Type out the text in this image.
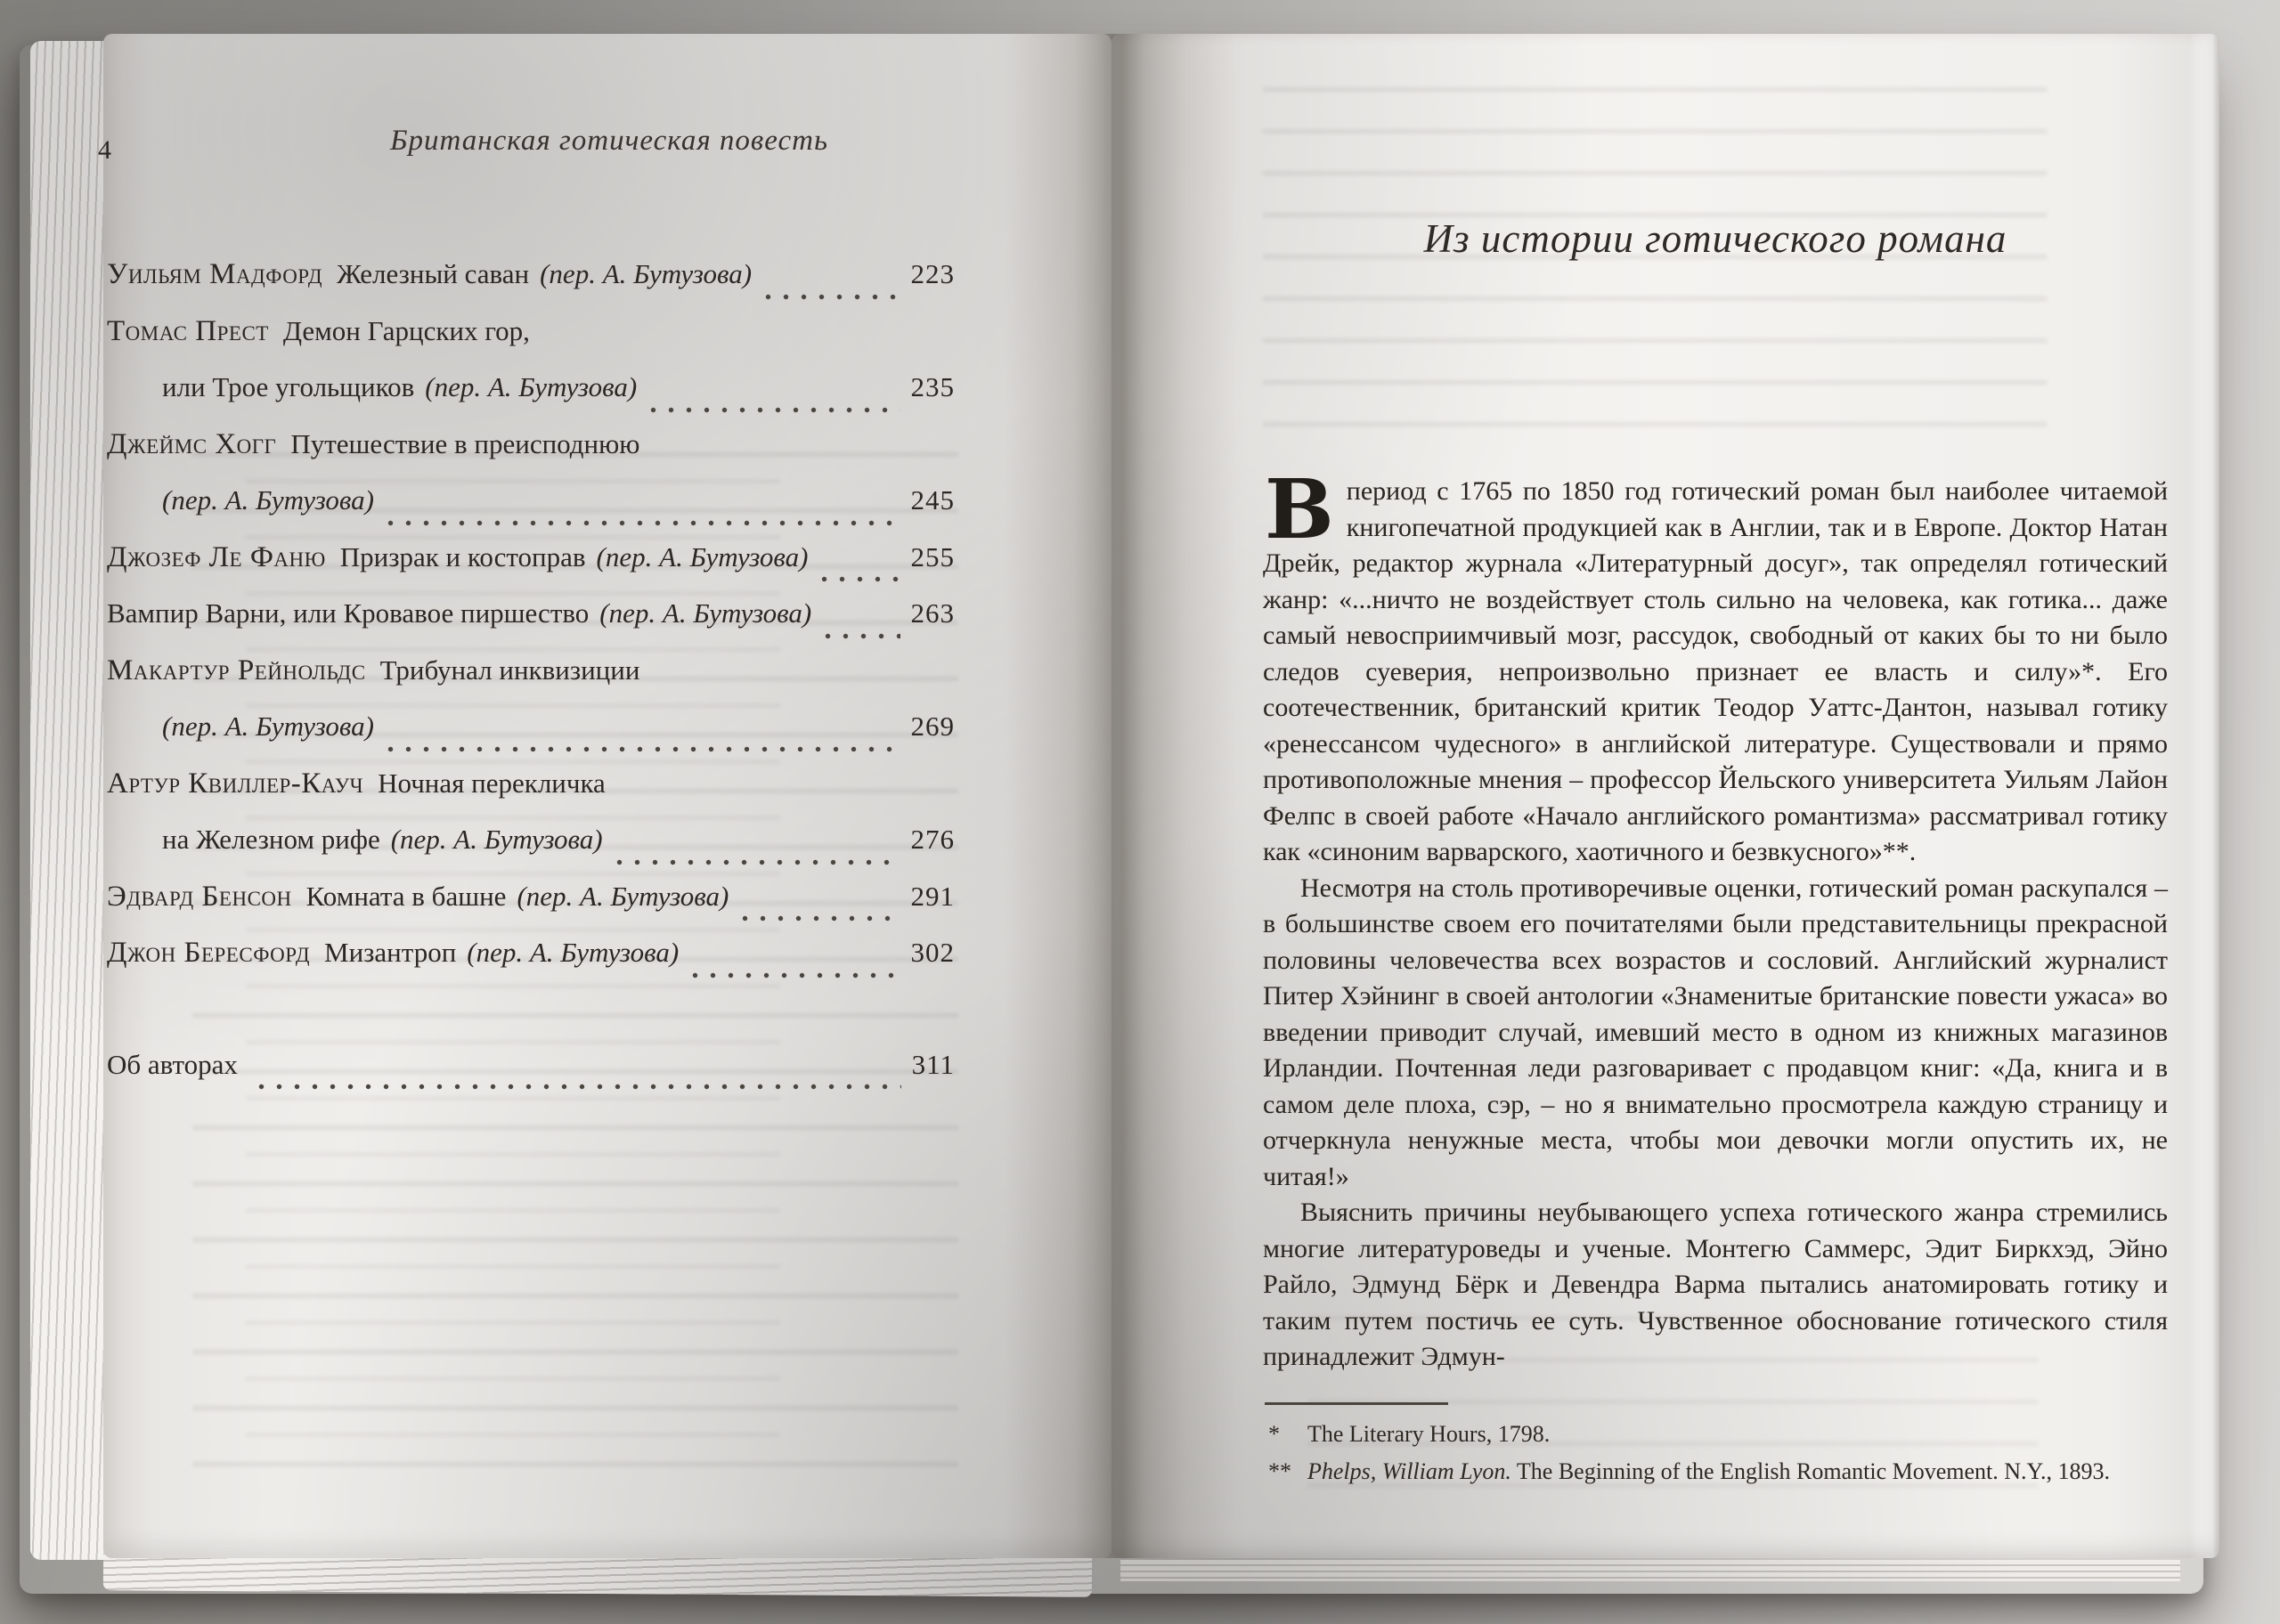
4	Британская готическая повесть
Уильям Мадфорд Железный саван (пер. А. Бутузова)	223
Томас Прест Демон Гарцских гор,
или Трое угольщиков (пер. А. Бутузова)	235
Джеймс Хогг Путешествие в преисподнюю
(пер. А. Бутузова)	245
Джозеф Ле Фаню Призрак и костоправ (пер. А. Бутузова)	255
Вампир Варни, или Кровавое пиршество (пер. А. Бутузова)	263
Макартур Рейнольдс Трибунал инквизиции
(пер. А. Бутузова)	269
Артур Квиллер-Кауч Ночная перекличка
на Железном рифе (пер. А. Бутузова)	276
Эдвард Бенсон Комната в башне (пер. А. Бутузова)	291
Джон Бересфорд Мизантроп (пер. А. Бутузова)	302
Об авторах	311
Из истории готического романа

Впериод с 1765 по 1850 год готический роман был наиболее читаемой книгопечатной продукцией как в Англии, так и в Европе. Доктор Натан Дрейк, редактор журнала «Литературный досуг», так определял готический жанр: «...ничто не воздействует столь сильно на человека, как готика... даже самый невосприимчивый мозг, рассудок, свободный от каких бы то ни было следов суеверия, непроизвольно признает ее власть и силу»*. Его соотечественник, британский критик Теодор Уаттс-Дантон, называл готику «ренессансом чудесного» в английской литературе. Существовали и прямо противоположные мнения – профессор Йельского университета Уильям Лайон Фелпс в своей работе «Начало английского романтизма» рассматривал готику как «синоним варварского, хаотичного и безвкусного»**.

Несмотря на столь противоречивые оценки, готический роман раскупался – в большинстве своем его почитателями были представительницы прекрасной половины человечества всех возрастов и сословий. Английский журналист Питер Хэйнинг в своей антологии «Знаменитые британские повести ужаса» во введении приводит случай, имевший место в одном из книжных магазинов Ирландии. Почтенная леди разговаривает с продавцом книг: «Да, книга и в самом деле плоха, сэр, – но я внимательно просмотрела каждую страницу и отчеркнула ненужные места, чтобы мои девочки могли опустить их, не читая!»

Выяснить причины неубывающего успеха готического жанра стремились многие литературоведы и ученые. Монтегю Саммерс, Эдит Биркхэд, Эйно Райло, Эдмунд Бёрк и Девендра Варма пытались анатомировать готику и таким путем постичь ее суть. Чувственное обоснование готического стиля принадлежит Эдмун-

* The Literary Hours, 1798.

** Phelps, William Lyon. The Beginning of the English Romantic Movement. N.Y., 1893.
